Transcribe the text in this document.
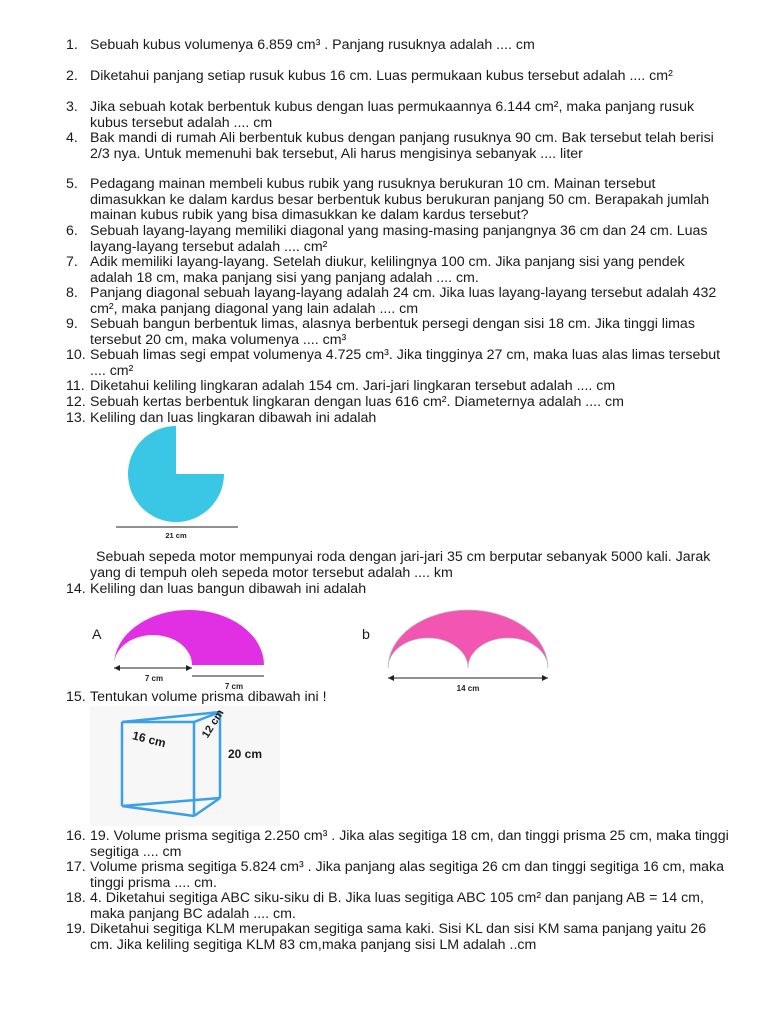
1. Sebuah kubus volumenya 6.859 cm³ . Panjang rusuknya adalah .... cm
2. Diketahui panjang setiap rusuk kubus 16 cm. Luas permukaan kubus tersebut adalah .... cm²
3. Jika sebuah kotak berbentuk kubus dengan luas permukaannya 6.144 cm², maka panjang rusuk kubus tersebut adalah .... cm
4. Bak mandi di rumah Ali berbentuk kubus dengan panjang rusuknya 90 cm. Bak tersebut telah berisi 2/3 nya. Untuk memenuhi bak tersebut, Ali harus mengisinya sebanyak .... liter
5. Pedagang mainan membeli kubus rubik yang rusuknya berukuran 10 cm. Mainan tersebut dimasukkan ke dalam kardus besar berbentuk kubus berukuran panjang 50 cm. Berapakah jumlah mainan kubus rubik yang bisa dimasukkan ke dalam kardus tersebut?
6. Sebuah layang-layang memiliki diagonal yang masing-masing panjangnya 36 cm dan 24 cm. Luas layang-layang tersebut adalah .... cm²
7. Adik memiliki layang-layang. Setelah diukur, kelilingnya 100 cm. Jika panjang sisi yang pendek adalah 18 cm, maka panjang sisi yang panjang adalah .... cm.
8. Panjang diagonal sebuah layang-layang adalah 24 cm. Jika luas layang-layang tersebut adalah 432 cm², maka panjang diagonal yang lain adalah .... cm
9. Sebuah bangun berbentuk limas, alasnya berbentuk persegi dengan sisi 18 cm. Jika tinggi limas tersebut 20 cm, maka volumenya .... cm³
10. Sebuah limas segi empat volumenya 4.725 cm³. Jika tingginya 27 cm, maka luas alas limas tersebut .... cm²
11. Diketahui keliling lingkaran adalah 154 cm. Jari-jari lingkaran tersebut adalah .... cm
12. Sebuah kertas berbentuk lingkaran dengan luas 616 cm². Diameternya adalah .... cm
13. Keliling dan luas lingkaran dibawah ini adalah
21 cm
Sebuah sepeda motor mempunyai roda dengan jari-jari 35 cm berputar sebanyak 5000 kali. Jarak yang di tempuh oleh sepeda motor tersebut adalah .... km
14. Keliling dan luas bangun dibawah ini adalah
A	b
7 cm
7 cm	14 cm
15. Tentukan volume prisma dibawah ini !
16 cm	12 cm
20 cm
16. 19. Volume prisma segitiga 2.250 cm³ . Jika alas segitiga 18 cm, dan tinggi prisma 25 cm, maka tinggi segitiga .... cm
17. Volume prisma segitiga 5.824 cm³ . Jika panjang alas segitiga 26 cm dan tinggi segitiga 16 cm, maka tinggi prisma .... cm.
18. 4. Diketahui segitiga ABC siku-siku di B. Jika luas segitiga ABC 105 cm² dan panjang AB = 14 cm, maka panjang BC adalah .... cm.
19. Diketahui segitiga KLM merupakan segitiga sama kaki. Sisi KL dan sisi KM sama panjang yaitu 26 cm. Jika keliling segitiga KLM 83 cm,maka panjang sisi LM adalah ..cm
